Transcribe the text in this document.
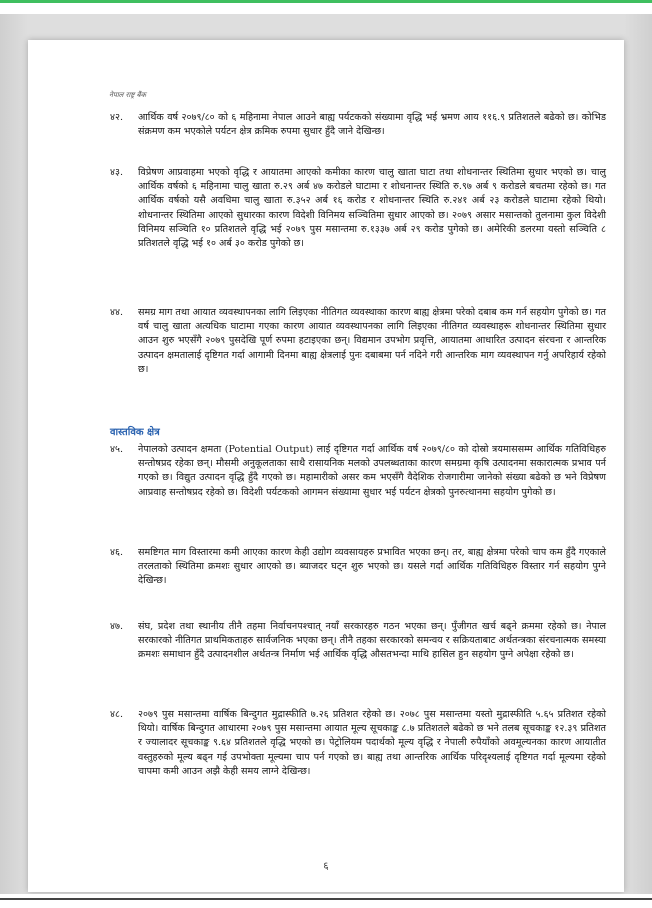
नेपाल राष्ट्र बैंक
४२.	आर्थिक वर्ष २०७९/८० को ६ महिनामा नेपाल आउने बाह्य पर्यटकको संख्यामा वृद्धि भई भ्रमण आय ११६.९ प्रतिशतले बढेको छ। कोभिड संक्रमण कम भएकोले पर्यटन क्षेत्र क्रमिक रुपमा सुधार हुँदै जाने देखिन्छ।
४३.	विप्रेषण आप्रवाहमा भएको वृद्धि र आयातमा आएको कमीका कारण चालु खाता घाटा तथा शोधनान्तर स्थितिमा सुधार भएको छ। चालु आर्थिक वर्षको ६ महिनामा चालु खाता रु.२९ अर्ब ४७ करोडले घाटामा र शोधनान्तर स्थिति रु.९७ अर्ब ९ करोडले बचतमा रहेको छ। गत आर्थिक वर्षको यसै अवधिमा चालु खाता रु.३५२ अर्ब १६ करोड र शोधनान्तर स्थिति रु.२४१ अर्ब २३ करोडले घाटामा रहेको थियो। शोधनान्तर स्थितिमा आएको सुधारका कारण विदेशी विनिमय सञ्चितिमा सुधार आएको छ। २०७९ असार मसान्तको तुलनामा कुल विदेशी विनिमय सञ्चिति १० प्रतिशतले वृद्धि भई २०७९ पुस मसान्तमा रु.१३३७ अर्ब २९ करोड पुगेको छ। अमेरिकी डलरमा यस्तो सञ्चिति ८ प्रतिशतले वृद्धि भई १० अर्ब ३० करोड पुगेको छ।
४४.	समग्र माग तथा आयात व्यवस्थापनका लागि लिइएका नीतिगत व्यवस्थाका कारण बाह्य क्षेत्रमा परेको दबाब कम गर्न सहयोग पुगेको छ। गत वर्ष चालु खाता अत्यधिक घाटामा गएका कारण आयात व्यवस्थापनका लागि लिइएका नीतिगत व्यवस्थाहरू शोधनान्तर स्थितिमा सुधार आउन शुरु भएसँगै २०७९ पुसदेखि पूर्ण रुपमा हटाइएका छन्। विद्यमान उपभोग प्रवृत्ति, आयातमा आधारित उत्पादन संरचना र आन्तरिक उत्पादन क्षमतालाई दृष्टिगत गर्दा आगामी दिनमा बाह्य क्षेत्रलाई पुनः दबाबमा पर्न नदिने गरी आन्तरिक माग व्यवस्थापन गर्नु अपरिहार्य रहेको छ।
वास्तविक क्षेत्र
४५.	नेपालको उत्पादन क्षमता (Potential Output) लाई दृष्टिगत गर्दा आर्थिक वर्ष २०७९/८० को दोस्रो त्रयमाससम्म आर्थिक गतिविधिहरु सन्तोषप्रद रहेका छन्। मौसमी अनुकूलताका साथै रासायनिक मलको उपलब्धताका कारण समग्रमा कृषि उत्पादनमा सकारात्मक प्रभाव पर्न गएको छ। विद्युत उत्पादन वृद्धि हुँदै गएको छ। महामारीको असर कम भएसँगै वैदेशिक रोजगारीमा जानेको संख्या बढेको छ भने विप्रेषण आप्रवाह सन्तोषप्रद रहेको छ। विदेशी पर्यटकको आगमन संख्यामा सुधार भई पर्यटन क्षेत्रको पुनरुत्थानमा सहयोग पुगेको छ।
४६.	समष्टिगत माग विस्तारमा कमी आएका कारण केही उद्योग व्यवसायहरु प्रभावित भएका छन्। तर, बाह्य क्षेत्रमा परेको चाप कम हुँदै गएकाले तरलताको स्थितिमा क्रमशः सुधार आएको छ। ब्याजदर घट्न शुरु भएको छ। यसले गर्दा आर्थिक गतिविधिहरु विस्तार गर्न सहयोग पुग्ने देखिन्छ।
४७.	संघ, प्रदेश तथा स्थानीय तीनै तहमा निर्वाचनपश्चात् नयाँ सरकारहरु गठन भएका छन्। पुँजीगत खर्च बढ्ने क्रममा रहेको छ। नेपाल सरकारको नीतिगत प्राथमिकताहरु सार्वजनिक भएका छन्। तीनै तहका सरकारको समन्वय र सक्रियताबाट अर्थतन्त्रका संरचनात्मक समस्या क्रमशः समाधान हुँदै उत्पादनशील अर्थतन्त्र निर्माण भई आर्थिक वृद्धि औसतभन्दा माथि हासिल हुन सहयोग पुग्ने अपेक्षा रहेको छ।
४८.	२०७९ पुस मसान्तमा वार्षिक बिन्दुगत मुद्रास्फीति ७.२६ प्रतिशत रहेको छ। २०७८ पुस मसान्तमा यस्तो मुद्रास्फीति ५.६५ प्रतिशत रहेको थियो। वार्षिक बिन्दुगत आधारमा २०७९ पुस मसान्तमा आयात मूल्य सूचकाङ्क ८.७ प्रतिशतले बढेको छ भने तलब सूचकाङ्क १२.३९ प्रतिशत र ज्यालादर सूचकाङ्क ९.६४ प्रतिशतले वृद्धि भएको छ। पेट्रोलियम पदार्थको मूल्य वृद्धि र नेपाली रुपैयाँको अवमूल्यनका कारण आयातीत वस्तुहरुको मूल्य बढ्न गई उपभोक्ता मूल्यमा चाप पर्न गएको छ। बाह्य तथा आन्तरिक आर्थिक परिदृश्यलाई दृष्टिगत गर्दा मूल्यमा रहेको चापमा कमी आउन अझै केही समय लाग्ने देखिन्छ।
६
